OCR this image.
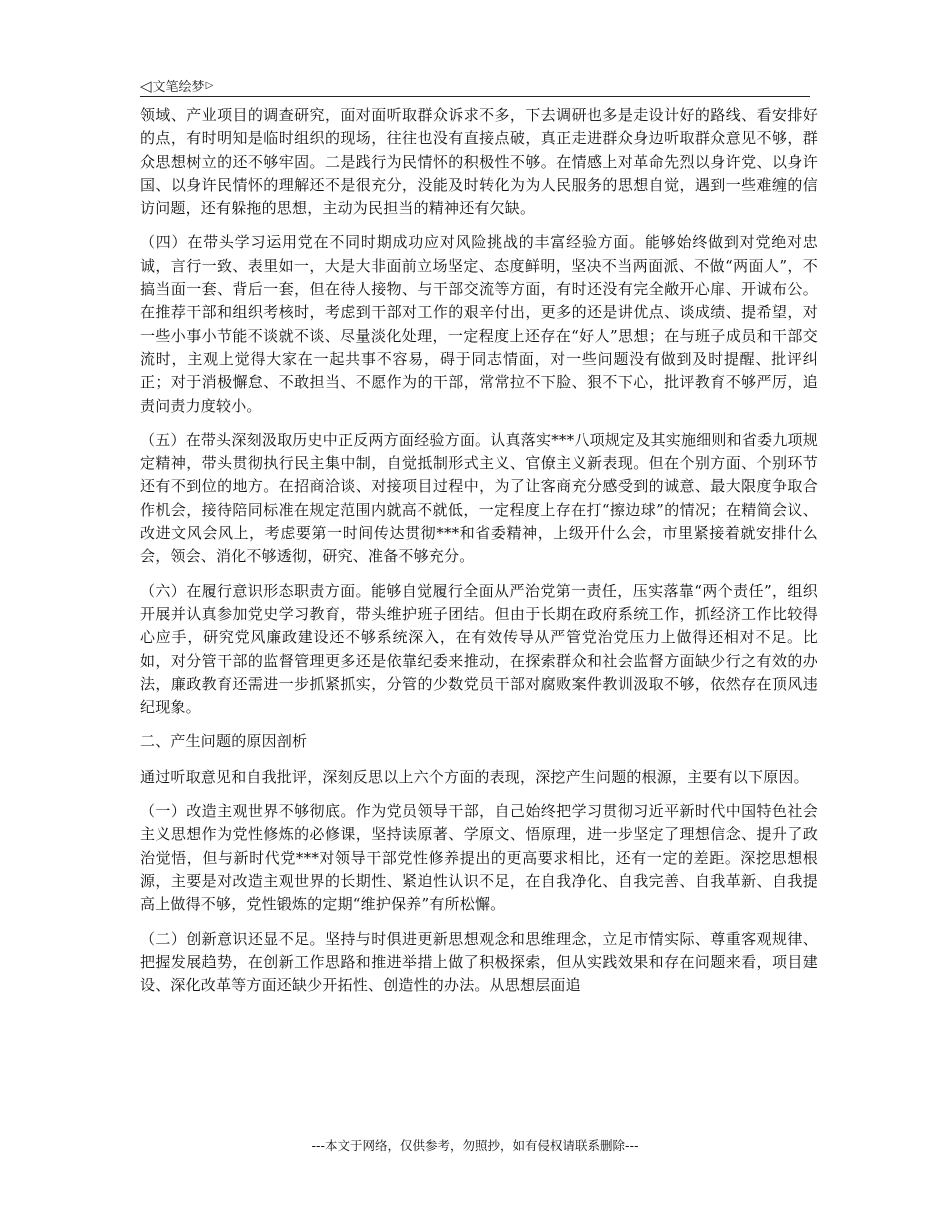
◁文笔绘梦▷

领域、产业项目的调查研究，面对面听取群众诉求不多，下去调研也多是走设计好的路线、看安排好的点，有时明知是临时组织的现场，往往也没有直接点破，真正走进群众身边听取群众意见不够，群众思想树立的还不够牢固。二是践行为民情怀的积极性不够。在情感上对革命先烈以身许党、以身许国、以身许民情怀的理解还不是很充分，没能及时转化为为人民服务的思想自觉，遇到一些难缠的信访问题，还有躲拖的思想，主动为民担当的精神还有欠缺。

（四）在带头学习运用党在不同时期成功应对风险挑战的丰富经验方面。能够始终做到对党绝对忠诚，言行一致、表里如一，大是大非面前立场坚定、态度鲜明，坚决不当两面派、不做“两面人”，不搞当面一套、背后一套，但在待人接物、与干部交流等方面，有时还没有完全敞开心扉、开诚布公。在推荐干部和组织考核时，考虑到干部对工作的艰辛付出，更多的还是讲优点、谈成绩、提希望，对一些小事小节能不谈就不谈、尽量淡化处理，一定程度上还存在“好人”思想；在与班子成员和干部交流时，主观上觉得大家在一起共事不容易，碍于同志情面，对一些问题没有做到及时提醒、批评纠正；对于消极懈怠、不敢担当、不愿作为的干部，常常拉不下脸、狠不下心，批评教育不够严厉，追责问责力度较小。

（五）在带头深刻汲取历史中正反两方面经验方面。认真落实***八项规定及其实施细则和省委九项规定精神，带头贯彻执行民主集中制，自觉抵制形式主义、官僚主义新表现。但在个别方面、个别环节还有不到位的地方。在招商洽谈、对接项目过程中，为了让客商充分感受到的诚意、最大限度争取合作机会，接待陪同标准在规定范围内就高不就低，一定程度上存在打“擦边球”的情况；在精简会议、改进文风会风上，考虑要第一时间传达贯彻***和省委精神，上级开什么会，市里紧接着就安排什么会，领会、消化不够透彻，研究、准备不够充分。

（六）在履行意识形态职责方面。能够自觉履行全面从严治党第一责任，压实落靠“两个责任”，组织开展并认真参加党史学习教育，带头维护班子团结。但由于长期在政府系统工作，抓经济工作比较得心应手，研究党风廉政建设还不够系统深入，在有效传导从严管党治党压力上做得还相对不足。比如，对分管干部的监督管理更多还是依靠纪委来推动，在探索群众和社会监督方面缺少行之有效的办法，廉政教育还需进一步抓紧抓实，分管的少数党员干部对腐败案件教训汲取不够，依然存在顶风违纪现象。

二、产生问题的原因剖析

通过听取意见和自我批评，深刻反思以上六个方面的表现，深挖产生问题的根源，主要有以下原因。

（一）改造主观世界不够彻底。作为党员领导干部，自己始终把学习贯彻习近平新时代中国特色社会主义思想作为党性修炼的必修课，坚持读原著、学原文、悟原理，进一步坚定了理想信念、提升了政治觉悟，但与新时代党***对领导干部党性修养提出的更高要求相比，还有一定的差距。深挖思想根源，主要是对改造主观世界的长期性、紧迫性认识不足，在自我净化、自我完善、自我革新、自我提高上做得不够，党性锻炼的定期“维护保养”有所松懈。

（二）创新意识还显不足。坚持与时俱进更新思想观念和思维理念，立足市情实际、尊重客观规律、把握发展趋势，在创新工作思路和推进举措上做了积极探索，但从实践效果和存在问题来看，项目建设、深化改革等方面还缺少开拓性、创造性的办法。从思想层面追

---本文于网络，仅供参考，勿照抄，如有侵权请联系删除---
